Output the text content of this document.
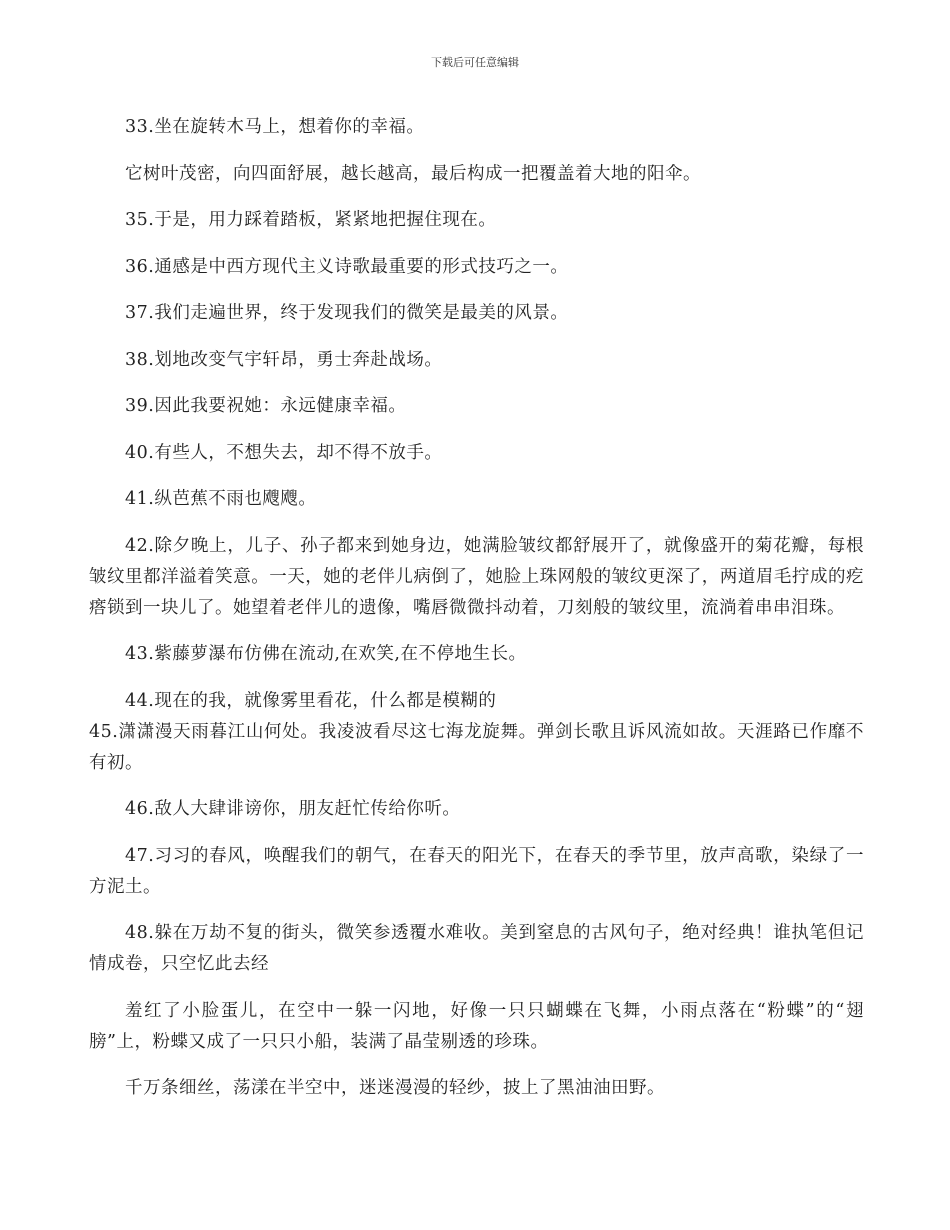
下载后可任意编辑

33.坐在旋转木马上，想着你的幸福。

它树叶茂密，向四面舒展，越长越高，最后构成一把覆盖着大地的阳伞。

35.于是，用力踩着踏板，紧紧地把握住现在。

36.通感是中西方现代主义诗歌最重要的形式技巧之一。

37.我们走遍世界，终于发现我们的微笑是最美的风景。

38.划地改变气宇轩昂，勇士奔赴战场。

39.因此我要祝她：永远健康幸福。

40.有些人，不想失去，却不得不放手。

41.纵芭蕉不雨也飕飕。

42.除夕晚上，儿子、孙子都来到她身边，她满脸皱纹都舒展开了，就像盛开的菊花瓣，每根皱纹里都洋溢着笑意。一天，她的老伴儿病倒了，她脸上珠网般的皱纹更深了，两道眉毛拧成的疙瘩锁到一块儿了。她望着老伴儿的遗像，嘴唇微微抖动着，刀刻般的皱纹里，流淌着串串泪珠。

43.紫藤萝瀑布仿佛在流动,在欢笑,在不停地生长。

44.现在的我，就像雾里看花，什么都是模糊的

45.潇潇漫天雨暮江山何处。我凌波看尽这七海龙旋舞。弹剑长歌且诉风流如故。天涯路已作靡不有初。

46.敌人大肆诽谤你，朋友赶忙传给你听。

47.习习的春风，唤醒我们的朝气，在春天的阳光下，在春天的季节里，放声高歌，染绿了一方泥土。

48.躲在万劫不复的街头，微笑参透覆水难收。美到窒息的古风句子，绝对经典！谁执笔但记情成卷，只空忆此去经

羞红了小脸蛋儿，在空中一躲一闪地，好像一只只蝴蝶在飞舞，小雨点落在“粉蝶”的“翅膀”上，粉蝶又成了一只只小船，装满了晶莹剔透的珍珠。

千万条细丝，荡漾在半空中，迷迷漫漫的轻纱，披上了黑油油田野。
